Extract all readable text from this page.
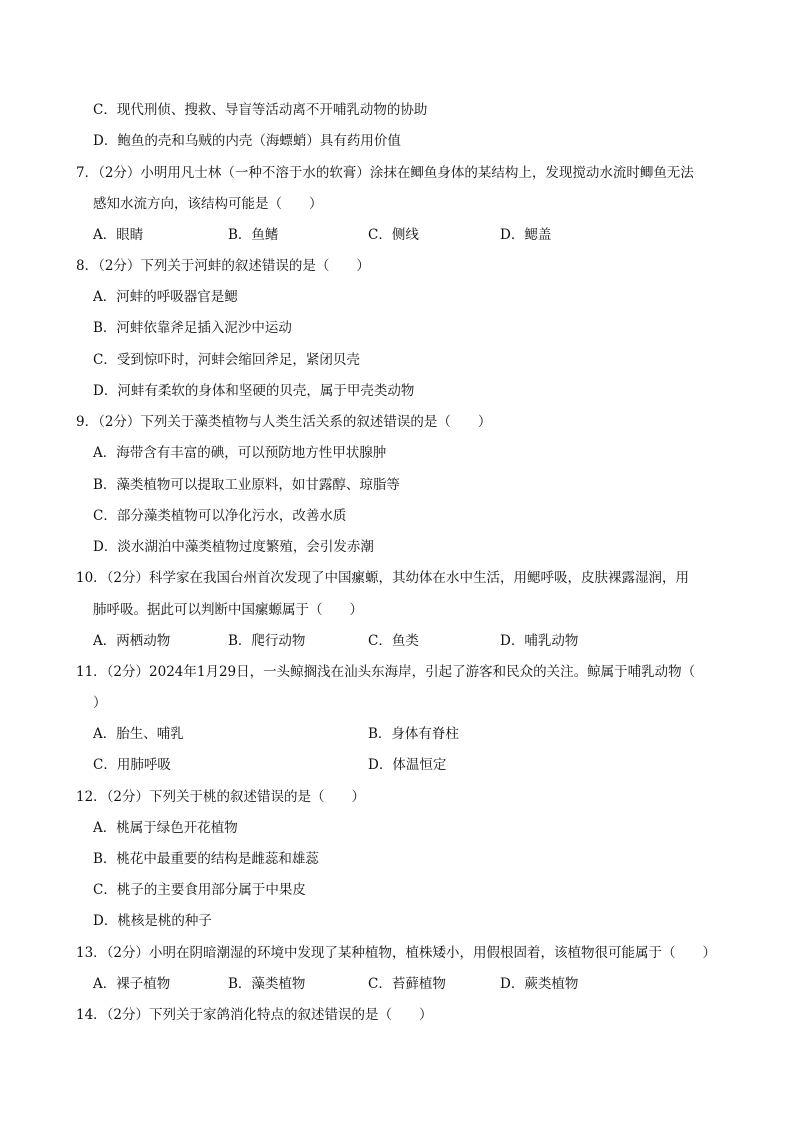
C．现代刑侦、搜救、导盲等活动离不开哺乳动物的协助
D．鲍鱼的壳和乌贼的内壳（海螵蛸）具有药用价值
7．（2分）小明用凡士林（一种不溶于水的软膏）涂抹在鲫鱼身体的某结构上，发现搅动水流时鲫鱼无法
感知水流方向，该结构可能是（　　）
A．眼睛	B．鱼鳍	C．侧线	D．鳃盖
8．（2分）下列关于河蚌的叙述错误的是（　　）
A．河蚌的呼吸器官是鳃
B．河蚌依靠斧足插入泥沙中运动
C．受到惊吓时，河蚌会缩回斧足，紧闭贝壳
D．河蚌有柔软的身体和坚硬的贝壳，属于甲壳类动物
9．（2分）下列关于藻类植物与人类生活关系的叙述错误的是（　　）
A．海带含有丰富的碘，可以预防地方性甲状腺肿
B．藻类植物可以提取工业原料，如甘露醇、琼脂等
C．部分藻类植物可以净化污水，改善水质
D．淡水湖泊中藻类植物过度繁殖，会引发赤潮
10．（2分）科学家在我国台州首次发现了中国瘰螈，其幼体在水中生活，用鳃呼吸，皮肤裸露湿润，用
肺呼吸。据此可以判断中国瘰螈属于（　　）
A．两栖动物	B．爬行动物	C．鱼类	D．哺乳动物
11．（2分）2024年1月29日，一头鲸搁浅在汕头东海岸，引起了游客和民众的关注。鲸属于哺乳动物（
）
A．胎生、哺乳	B．身体有脊柱
C．用肺呼吸	D．体温恒定
12．（2分）下列关于桃的叙述错误的是（　　）
A．桃属于绿色开花植物
B．桃花中最重要的结构是雌蕊和雄蕊
C．桃子的主要食用部分属于中果皮
D．桃核是桃的种子
13．（2分）小明在阴暗潮湿的环境中发现了某种植物，植株矮小，用假根固着，该植物很可能属于（　　）
A．裸子植物	B．藻类植物	C．苔藓植物	D．蕨类植物
14．（2分）下列关于家鸽消化特点的叙述错误的是（　　）
